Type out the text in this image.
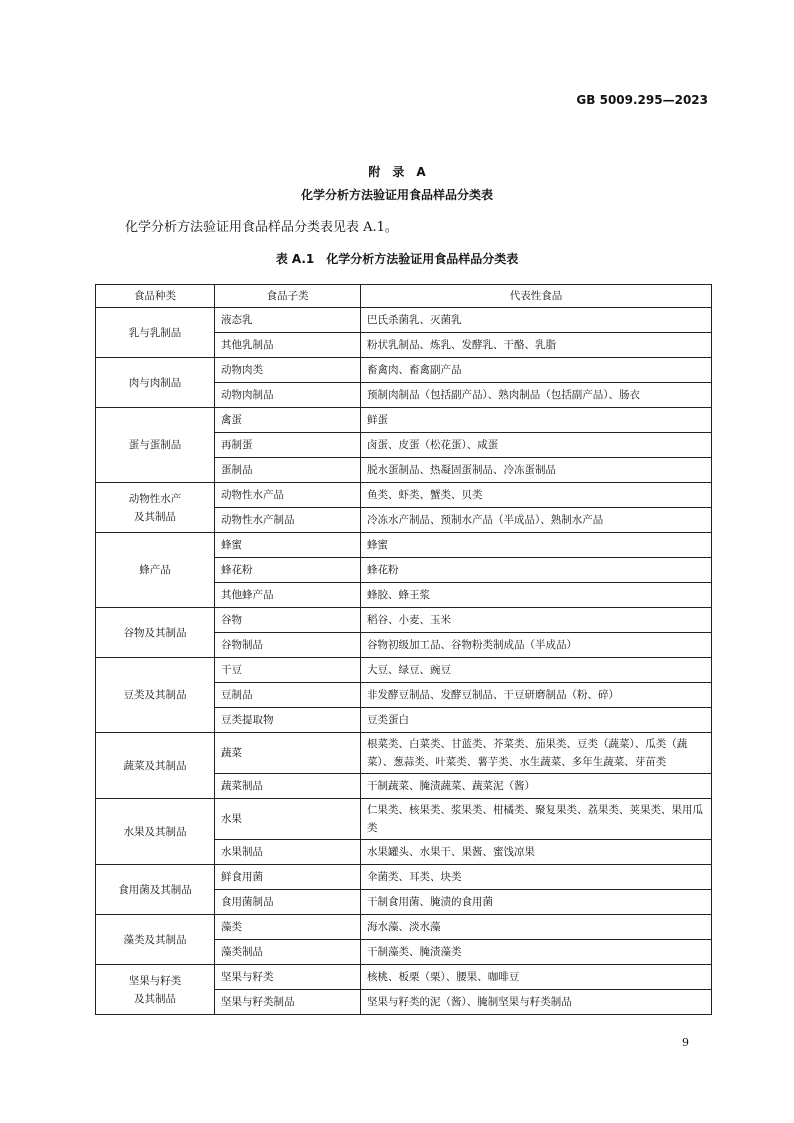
GB 5009.295—2023
附　录　A
化学分析方法验证用食品样品分类表
化学分析方法验证用食品样品分类表见表 A.1。
表 A.1　化学分析方法验证用食品样品分类表
食品种类	食品子类	代表性食品
乳与乳制品	液态乳	巴氏杀菌乳、灭菌乳
	其他乳制品	粉状乳制品、炼乳、发酵乳、干酪、乳脂
肉与肉制品	动物肉类	畜禽肉、畜禽副产品
	动物肉制品	预制肉制品（包括副产品）、熟肉制品（包括副产品）、肠衣
蛋与蛋制品	禽蛋	鲜蛋
	再制蛋	卤蛋、皮蛋（松花蛋）、咸蛋
	蛋制品	脱水蛋制品、热凝固蛋制品、冷冻蛋制品
动物性水产
及其制品	动物性水产品	鱼类、虾类、蟹类、贝类
	动物性水产制品	冷冻水产制品、预制水产品（半成品）、熟制水产品
蜂产品	蜂蜜	蜂蜜
	蜂花粉	蜂花粉
	其他蜂产品	蜂胶、蜂王浆
谷物及其制品	谷物	稻谷、小麦、玉米
	谷物制品	谷物初级加工品、谷物粉类制成品（半成品）
豆类及其制品	干豆	大豆、绿豆、豌豆
	豆制品	非发酵豆制品、发酵豆制品、干豆研磨制品（粉、碎）
	豆类提取物	豆类蛋白
蔬菜及其制品	蔬菜	根菜类、白菜类、甘蓝类、芥菜类、茄果类、豆类（蔬菜）、瓜类（蔬菜）、葱蒜类、叶菜类、薯芋类、水生蔬菜、多年生蔬菜、芽苗类
	蔬菜制品	干制蔬菜、腌渍蔬菜、蔬菜泥（酱）
水果及其制品	水果	仁果类、核果类、浆果类、柑橘类、聚复果类、荔果类、荚果类、果用瓜类
	水果制品	水果罐头、水果干、果酱、蜜饯凉果
食用菌及其制品	鲜食用菌	伞菌类、耳类、块类
	食用菌制品	干制食用菌、腌渍的食用菌
藻类及其制品	藻类	海水藻、淡水藻
	藻类制品	干制藻类、腌渍藻类
坚果与籽类
及其制品	坚果与籽类	核桃、板栗（栗）、腰果、咖啡豆
	坚果与籽类制品	坚果与籽类的泥（酱）、腌制坚果与籽类制品
9
